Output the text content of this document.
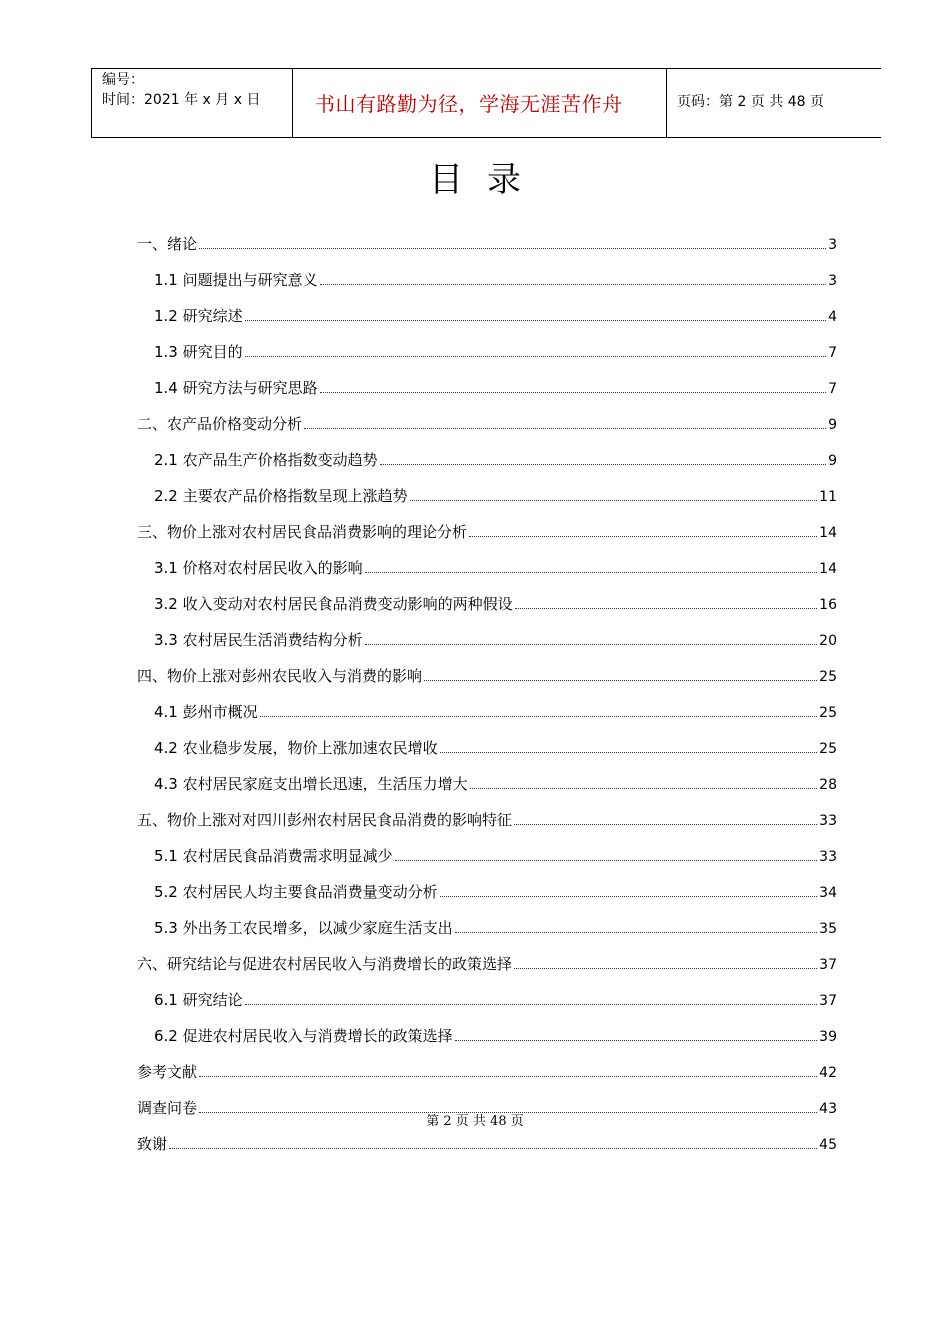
编号：
时间：2021 年 x 月 x 日	书山有路勤为径，学海无涯苦作舟	页码：第 2 页 共 48 页
目录
一、绪论	3
1.1 问题提出与研究意义	3
1.2 研究综述	4
1.3 研究目的	7
1.4 研究方法与研究思路	7
二、农产品价格变动分析	9
2.1 农产品生产价格指数变动趋势	9
2.2 主要农产品价格指数呈现上涨趋势	11
三、物价上涨对农村居民食品消费影响的理论分析	14
3.1 价格对农村居民收入的影响	14
3.2 收入变动对农村居民食品消费变动影响的两种假设	16
3.3 农村居民生活消费结构分析	20
四、物价上涨对彭州农民收入与消费的影响	25
4.1 彭州市概况	25
4.2 农业稳步发展，物价上涨加速农民增收	25
4.3 农村居民家庭支出增长迅速，生活压力增大	28
五、物价上涨对对四川彭州农村居民食品消费的影响特征	33
5.1 农村居民食品消费需求明显减少	33
5.2 农村居民人均主要食品消费量变动分析	34
5.3 外出务工农民增多，以减少家庭生活支出	35
六、研究结论与促进农村居民收入与消费增长的政策选择	37
6.1 研究结论	37
6.2 促进农村居民收入与消费增长的政策选择	39
参考文献	42
调查问卷	43
致谢	45
第 2 页 共 48 页
